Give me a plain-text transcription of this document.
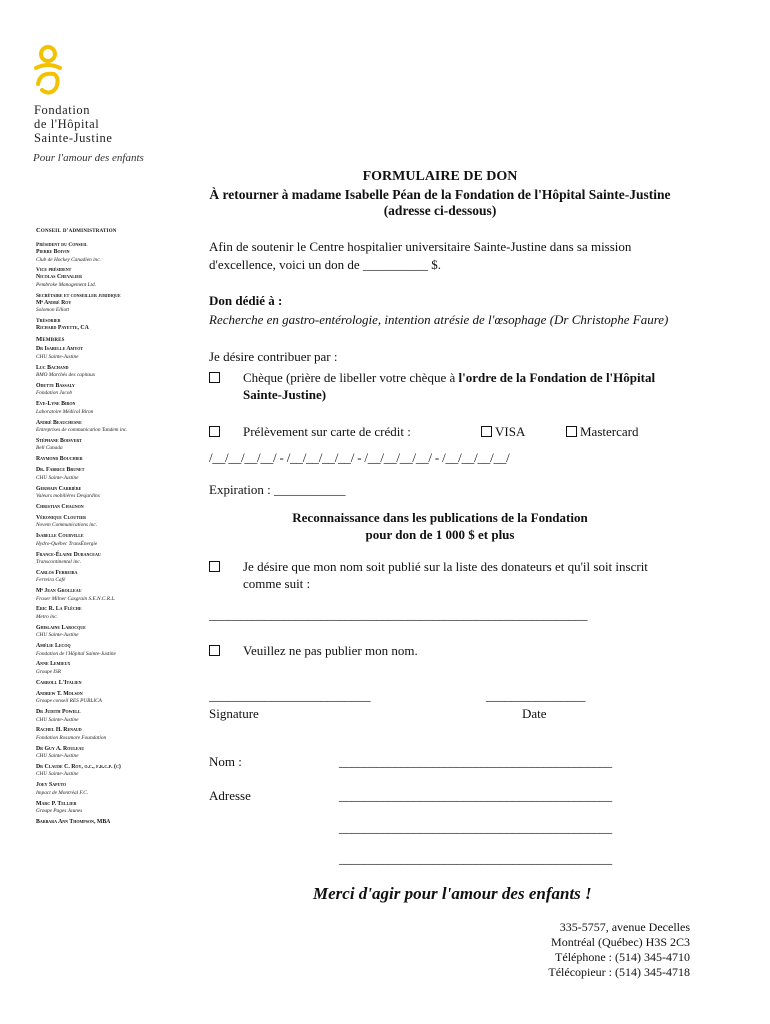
Fondation
de l'Hôpital
Sainte-Justine
Pour l'amour des enfants
Conseil d'administration
Président du Conseil
Pierre Boivin
Club de Hockey Canadien inc.
Vice président
Nicolas Chevalier
Pembroke Management Ltd.
Secrétaire et conseiller juridique
Mᵉ André Roy
Solomon Elliott
Trésorier
Richard Payette, CA
Membres
Dr Isabelle Amyot
CHU Sainte-Justine
Luc Bachand
BMO Marchés des capitaux
Odette Bassaly
Fondation Jacob
Eve-Lyne Biron
Laboratoire Médical Biron
André Beauchesne
Entreprises de communication Tandem inc.
Stéphane Boisvert
Bell Canada
Raymond Bouchier
Dr. Fabrice Brunet
CHU Sainte-Justine
Germain Carrière
Valeurs mobilières Desjardins
Christian Chagnon
Véronique Cloutier
Novem Communications inc.
Isabelle Courville
Hydro-Québec TransÉnergie
France-Élaine Duranceau
Transcontinental inc.
Carlos Ferreira
Ferreira Café
Mᵉ Jean Grolleau
Fraser Milner Casgrain S.E.N.C.R.L.
Eric R. La Flèche
Metro inc.
Ghislaine Larocque
CHU Sainte-Justine
Amélie Lecoq
Fondation de l'Hôpital Sainte-Justine
Anne Lemieux
Groupe ISR
Carroll L'Italien
Andrew T. Molson
Groupe conseil RES PUBLICA
Dr Judith Powell
CHU Sainte-Justine
Rachel H. Renaud
Fondation Rossmore Foundation
Dr Guy A. Rouleau
CHU Sainte-Justine
Dr Claude C. Roy, o.c., f.r.c.p. (c)
CHU Sainte-Justine
Joey Saputo
Impact de Montréal F.C.
Marc P. Tellier
Groupe Pages Jaunes
Barbara Ann Thompson, MBA
FORMULAIRE DE DON
À retourner à madame Isabelle Péan de la Fondation de l'Hôpital Sainte-Justine
(adresse ci-dessous)
Afin de soutenir le Centre hospitalier universitaire Sainte-Justine dans sa mission
d'excellence, voici un don de __________ $.
Don dédié à :
Recherche en gastro-entérologie, intention atrésie de l'œsophage (Dr Christophe Faure)
Je désire contribuer par :
Chèque (prière de libeller votre chèque à l'ordre de la Fondation de l'Hôpital
Sainte-Justine)
Prélèvement sur carte de crédit :	VISA	Mastercard
/__/__/__/__/ - /__/__/__/__/ - /__/__/__/__/ - /__/__/__/__/
Expiration : ___________
Reconnaissance dans les publications de la Fondation
pour don de 1 000 $ et plus
Je désire que mon nom soit publié sur la liste des donateurs et qu'il soit inscrit
comme suit :
_____________________________________________________________
Veuillez ne pas publier mon nom.
__________________________	________________
Signature	Date
Nom :	____________________________________________
Adresse	____________________________________________
____________________________________________
____________________________________________
Merci d'agir pour l'amour des enfants !
335-5757, avenue Decelles
Montréal (Québec) H3S 2C3
Téléphone : (514) 345-4710
Télécopieur : (514) 345-4718
